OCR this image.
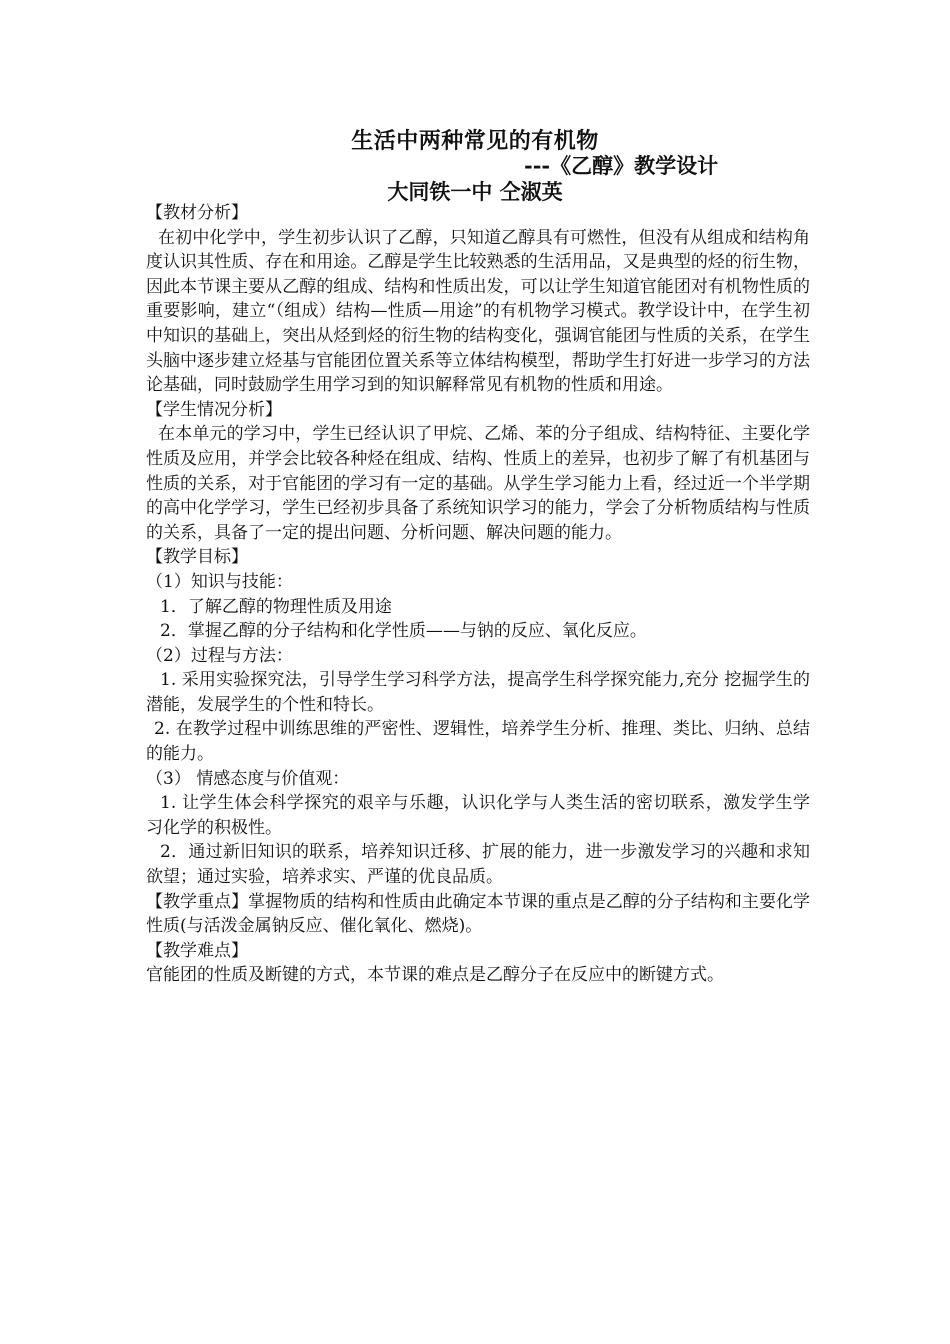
生活中两种常见的有机物
---《乙醇》教学设计
大同铁一中 仝淑英

【教材分析】

在初中化学中，学生初步认识了乙醇，只知道乙醇具有可燃性，但没有从组成和结构角度认识其性质、存在和用途。乙醇是学生比较熟悉的生活用品，又是典型的烃的衍生物，因此本节课主要从乙醇的组成、结构和性质出发，可以让学生知道官能团对有机物性质的重要影响，建立“（组成）结构—性质—用途”的有机物学习模式。教学设计中，在学生初中知识的基础上，突出从烃到烃的衍生物的结构变化，强调官能团与性质的关系，在学生头脑中逐步建立烃基与官能团位置关系等立体结构模型，帮助学生打好进一步学习的方法论基础，同时鼓励学生用学习到的知识解释常见有机物的性质和用途。

【学生情况分析】

在本单元的学习中，学生已经认识了甲烷、乙烯、苯的分子组成、结构特征、主要化学性质及应用，并学会比较各种烃在组成、结构、性质上的差异，也初步了解了有机基团与性质的关系，对于官能团的学习有一定的基础。从学生学习能力上看，经过近一个半学期的高中化学学习，学生已经初步具备了系统知识学习的能力，学会了分析物质结构与性质的关系，具备了一定的提出问题、分析问题、解决问题的能力。

【教学目标】

（1）知识与技能：

1．了解乙醇的物理性质及用途

2．掌握乙醇的分子结构和化学性质——与钠的反应、氧化反应。

（2）过程与方法：

1. 采用实验探究法，引导学生学习科学方法，提高学生科学探究能力,充分 挖掘学生的潜能，发展学生的个性和特长。

2. 在教学过程中训练思维的严密性、逻辑性，培养学生分析、推理、类比、归纳、总结的能力。

（3） 情感态度与价值观：

1. 让学生体会科学探究的艰辛与乐趣，认识化学与人类生活的密切联系，激发学生学习化学的积极性。

2．通过新旧知识的联系，培养知识迁移、扩展的能力，进一步激发学习的兴趣和求知欲望；通过实验，培养求实、严谨的优良品质。

【教学重点】掌握物质的结构和性质由此确定本节课的重点是乙醇的分子结构和主要化学性质(与活泼金属钠反应、催化氧化、燃烧)。

【教学难点】

官能团的性质及断键的方式，本节课的难点是乙醇分子在反应中的断键方式。
